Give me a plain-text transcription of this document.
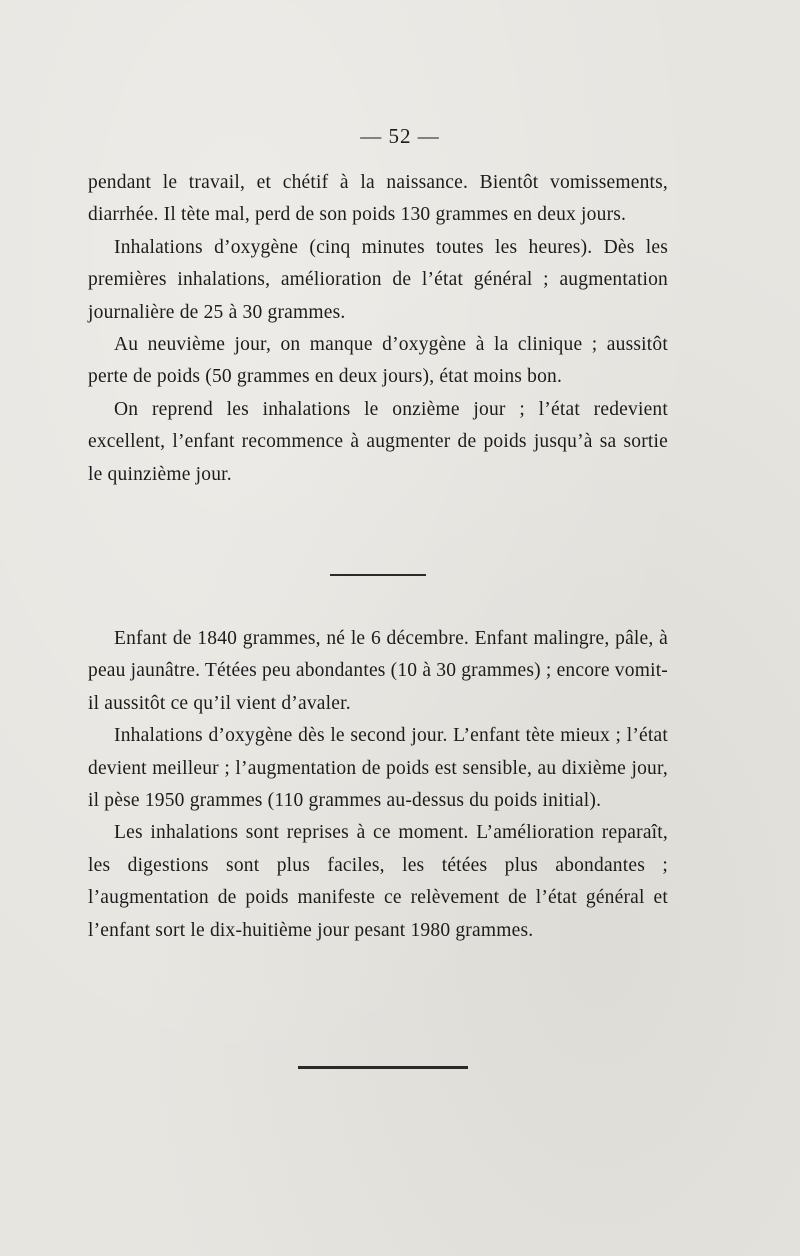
— 52 —

pendant le travail, et chétif à la naissance. Bientôt vomissements, diarrhée. Il tète mal, perd de son poids 130 grammes en deux jours.

Inhalations d’oxygène (cinq minutes toutes les heures). Dès les premières inhalations, amélioration de l’état général ; augmentation journalière de 25 à 30 grammes.

Au neuvième jour, on manque d’oxygène à la clinique ; aussitôt perte de poids (50 grammes en deux jours), état moins bon.

On reprend les inhalations le onzième jour ; l’état redevient excellent, l’enfant recommence à augmenter de poids jusqu’à sa sortie le quinzième jour.

Enfant de 1840 grammes, né le 6 décembre. Enfant malingre, pâle, à peau jaunâtre. Tétées peu abondantes (10 à 30 grammes) ; encore vomit-il aussitôt ce qu’il vient d’avaler.

Inhalations d’oxygène dès le second jour. L’enfant tète mieux ; l’état devient meilleur ; l’augmentation de poids est sensible, au dixième jour, il pèse 1950 grammes (110 grammes au-dessus du poids initial).

Les inhalations sont reprises à ce moment. L’amélioration reparaît, les digestions sont plus faciles, les tétées plus abondantes ; l’augmentation de poids manifeste ce relèvement de l’état général et l’enfant sort le dix-huitième jour pesant 1980 grammes.
